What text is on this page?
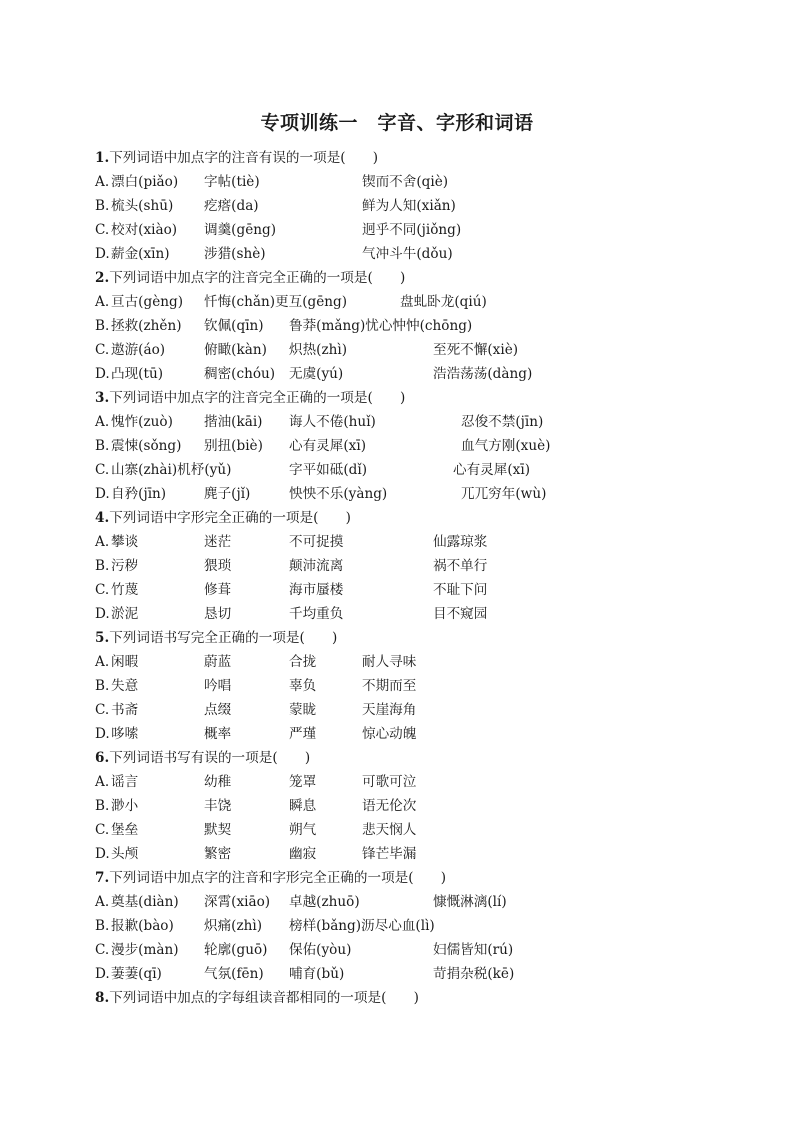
专项训练一　字音、字形和词语
1.下列词语中加点字的注音有误的一项是(　　)
A. 漂白(piǎo) 字帖(tiè)	锲而不舍(qiè)
B. 梳头(shū) 疙瘩(da)	鲜为人知(xiǎn)
C. 校对(xiào) 调羹(gēng)	迥乎不同(jiǒng)
D. 薪金(xīn)	涉猎(shè)	气冲斗牛(dǒu)
2.下列词语中加点字的注音完全正确的一项是(　　)
A. 亘古(gèng) 忏悔(chǎn)更互(gēng)	盘虬卧龙(qiú)
B. 拯救(zhěn) 钦佩(qīn) 鲁莽(mǎng)忧心忡忡(chōng)
C. 遨游(áo)	俯瞰(kàn) 炽热(zhì)	至死不懈(xiè)
D. 凸现(tū)	稠密(chóu) 无虞(yú)	浩浩荡荡(dàng)
3.下列词语中加点字的注音完全正确的一项是(　　)
A. 愧怍(zuò) 揩油(kāi) 诲人不倦(huǐ)	忍俊不禁(jīn)
B. 震悚(sǒng) 别扭(biè) 心有灵犀(xī)	血气方刚(xuè)
C. 山寨(zhài)机杼(yǔ)	字平如砥(dǐ)	心有灵犀(xī)
D. 自矜(jīn)	麂子(jǐ)	怏怏不乐(yàng)	兀兀穷年(wù)
4.下列词语中字形完全正确的一项是(　　)
A. 攀谈	迷茫	不可捉摸	仙露琼浆
B. 污秽	猥琐	颠沛流离	祸不单行
C. 竹蔑	修葺	海市蜃楼	不耻下问
D. 淤泥	恳切	千均重负	目不窥园
5.下列词语书写完全正确的一项是(　　)
A. 闲暇	蔚蓝	合拢	耐人寻味
B. 失意	吟唱	辜负	不期而至
C. 书斋	点缀	蒙眬	天崖海角
D. 哆嗦	概率	严瑾	惊心动魄
6.下列词语书写有误的一项是(　　)
A. 谣言	幼稚	笼罩	可歌可泣
B. 渺小	丰饶	瞬息	语无伦次
C. 堡垒	默契	朔气	悲天悯人
D. 头颅	繁密	幽寂	锋芒毕漏
7.下列词语中加点字的注音和字形完全正确的一项是(　　)
A. 奠基(diàn) 深霄(xiāo) 卓越(zhuō)	慷慨淋漓(lí)
B. 报歉(bào) 炽痛(zhì) 榜样(bǎng)沥尽心血(lì)
C. 漫步(màn) 轮廓(guō) 保佑(yòu)	妇儒皆知(rú)
D. 萋萋(qī)	气氛(fēn) 哺育(bǔ)	苛捐杂税(kē)
8.下列词语中加点的字每组读音都相同的一项是(　　)
